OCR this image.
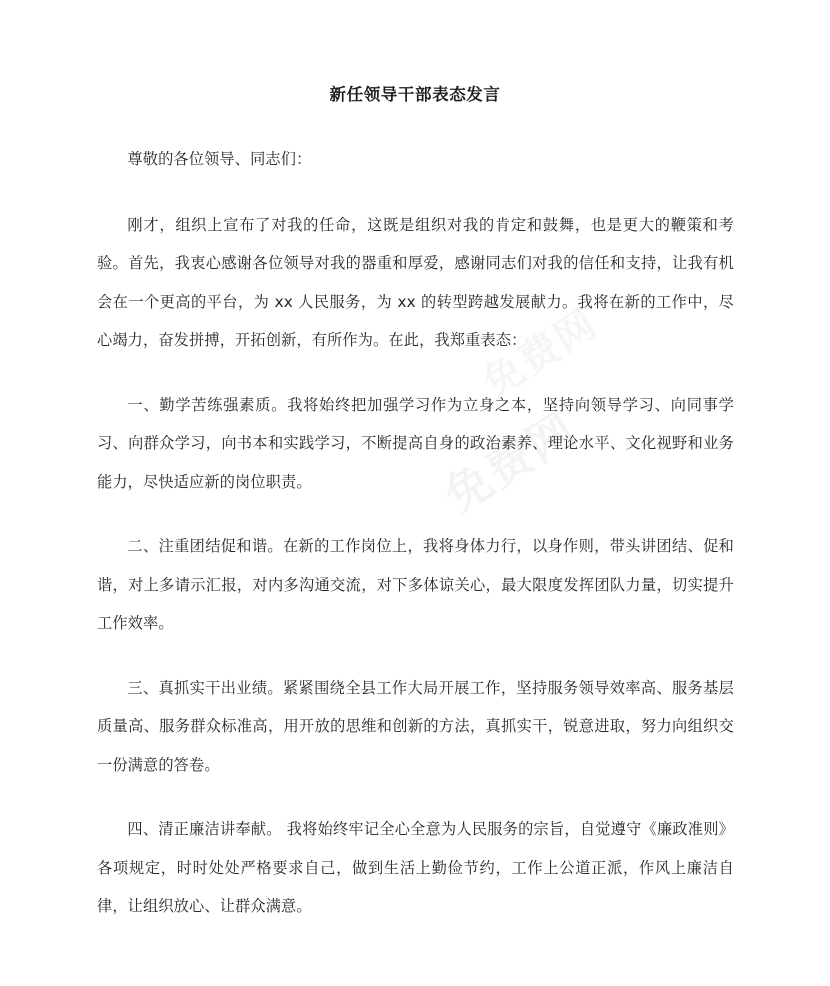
新任领导干部表态发言

尊敬的各位领导、同志们：

刚才，组织上宣布了对我的任命，这既是组织对我的肯定和鼓舞，也是更大的鞭策和考验。首先，我衷心感谢各位领导对我的器重和厚爱，感谢同志们对我的信任和支持，让我有机会在一个更高的平台，为 xx 人民服务，为 xx 的转型跨越发展献力。我将在新的工作中，尽心竭力，奋发拼搏，开拓创新，有所作为。在此，我郑重表态：

一、勤学苦练强素质。我将始终把加强学习作为立身之本，坚持向领导学习、向同事学习、向群众学习，向书本和实践学习，不断提高自身的政治素养、理论水平、文化视野和业务能力，尽快适应新的岗位职责。

二、注重团结促和谐。在新的工作岗位上，我将身体力行，以身作则，带头讲团结、促和谐，对上多请示汇报，对内多沟通交流，对下多体谅关心，最大限度发挥团队力量，切实提升工作效率。

三、真抓实干出业绩。紧紧围绕全县工作大局开展工作，坚持服务领导效率高、服务基层质量高、服务群众标准高，用开放的思维和创新的方法，真抓实干，锐意进取，努力向组织交一份满意的答卷。

四、清正廉洁讲奉献。 我将始终牢记全心全意为人民服务的宗旨，自觉遵守《廉政准则》各项规定，时时处处严格要求自己，做到生活上勤俭节约，工作上公道正派，作风上廉洁自律，让组织放心、让群众满意。
